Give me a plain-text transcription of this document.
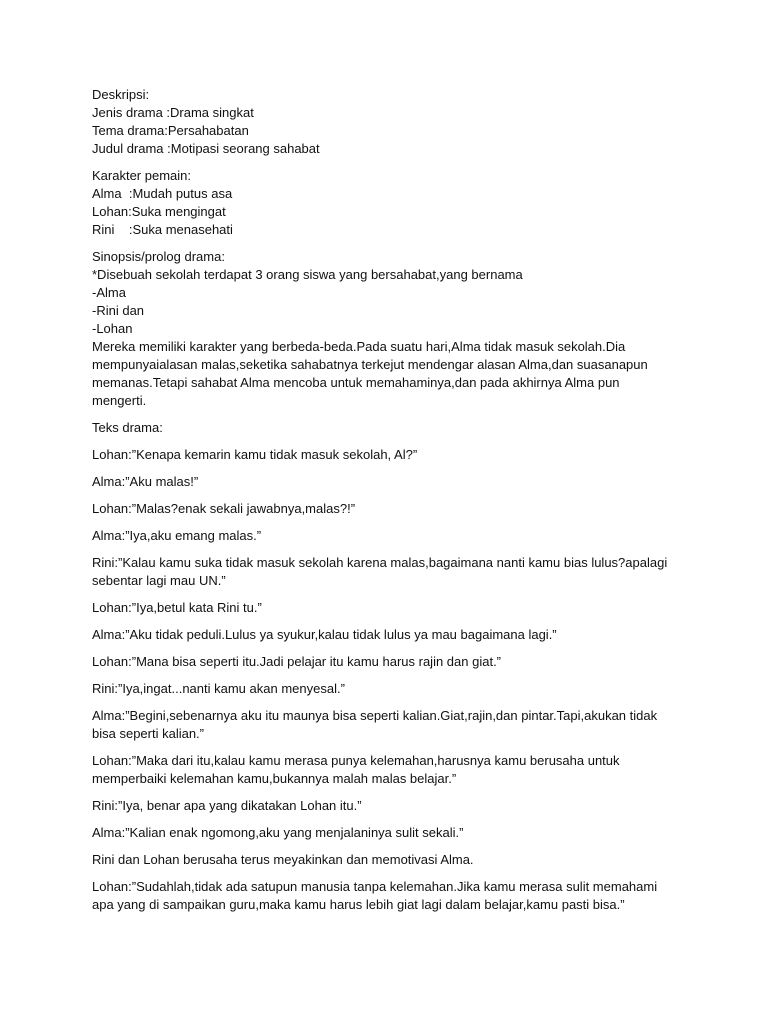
Deskripsi:
Jenis drama :Drama singkat
Tema drama:Persahabatan
Judul drama :Motipasi seorang sahabat
Karakter pemain:
Alma  :Mudah putus asa
Lohan:Suka mengingat
Rini    :Suka menasehati
Sinopsis/prolog drama:
*Disebuah sekolah terdapat 3 orang siswa yang bersahabat,yang bernama
-Alma
-Rini dan
-Lohan
Mereka memiliki karakter yang berbeda-beda.Pada suatu hari,Alma tidak masuk sekolah.Dia
mempunyaialasan malas,seketika sahabatnya terkejut mendengar alasan Alma,dan suasanapun
memanas.Tetapi sahabat Alma mencoba untuk memahaminya,dan pada akhirnya Alma pun
mengerti.
Teks drama:
Lohan:”Kenapa kemarin kamu tidak masuk sekolah, Al?”
Alma:”Aku malas!”
Lohan:”Malas?enak sekali jawabnya,malas?!”
Alma:”Iya,aku emang malas.”
Rini:”Kalau kamu suka tidak masuk sekolah karena malas,bagaimana nanti kamu bias lulus?apalagi
sebentar lagi mau UN.”
Lohan:”Iya,betul kata Rini tu.”
Alma:”Aku tidak peduli.Lulus ya syukur,kalau tidak lulus ya mau bagaimana lagi.”
Lohan:”Mana bisa seperti itu.Jadi pelajar itu kamu harus rajin dan giat.”
Rini:”Iya,ingat...nanti kamu akan menyesal.”
Alma:”Begini,sebenarnya aku itu maunya bisa seperti kalian.Giat,rajin,dan pintar.Tapi,akukan tidak
bisa seperti kalian.”
Lohan:”Maka dari itu,kalau kamu merasa punya kelemahan,harusnya kamu berusaha untuk
memperbaiki kelemahan kamu,bukannya malah malas belajar.”
Rini:”Iya, benar apa yang dikatakan Lohan itu.”
Alma:”Kalian enak ngomong,aku yang menjalaninya sulit sekali.”
Rini dan Lohan berusaha terus meyakinkan dan memotivasi Alma.
Lohan:”Sudahlah,tidak ada satupun manusia tanpa kelemahan.Jika kamu merasa sulit memahami
apa yang di sampaikan guru,maka kamu harus lebih giat lagi dalam belajar,kamu pasti bisa.”
